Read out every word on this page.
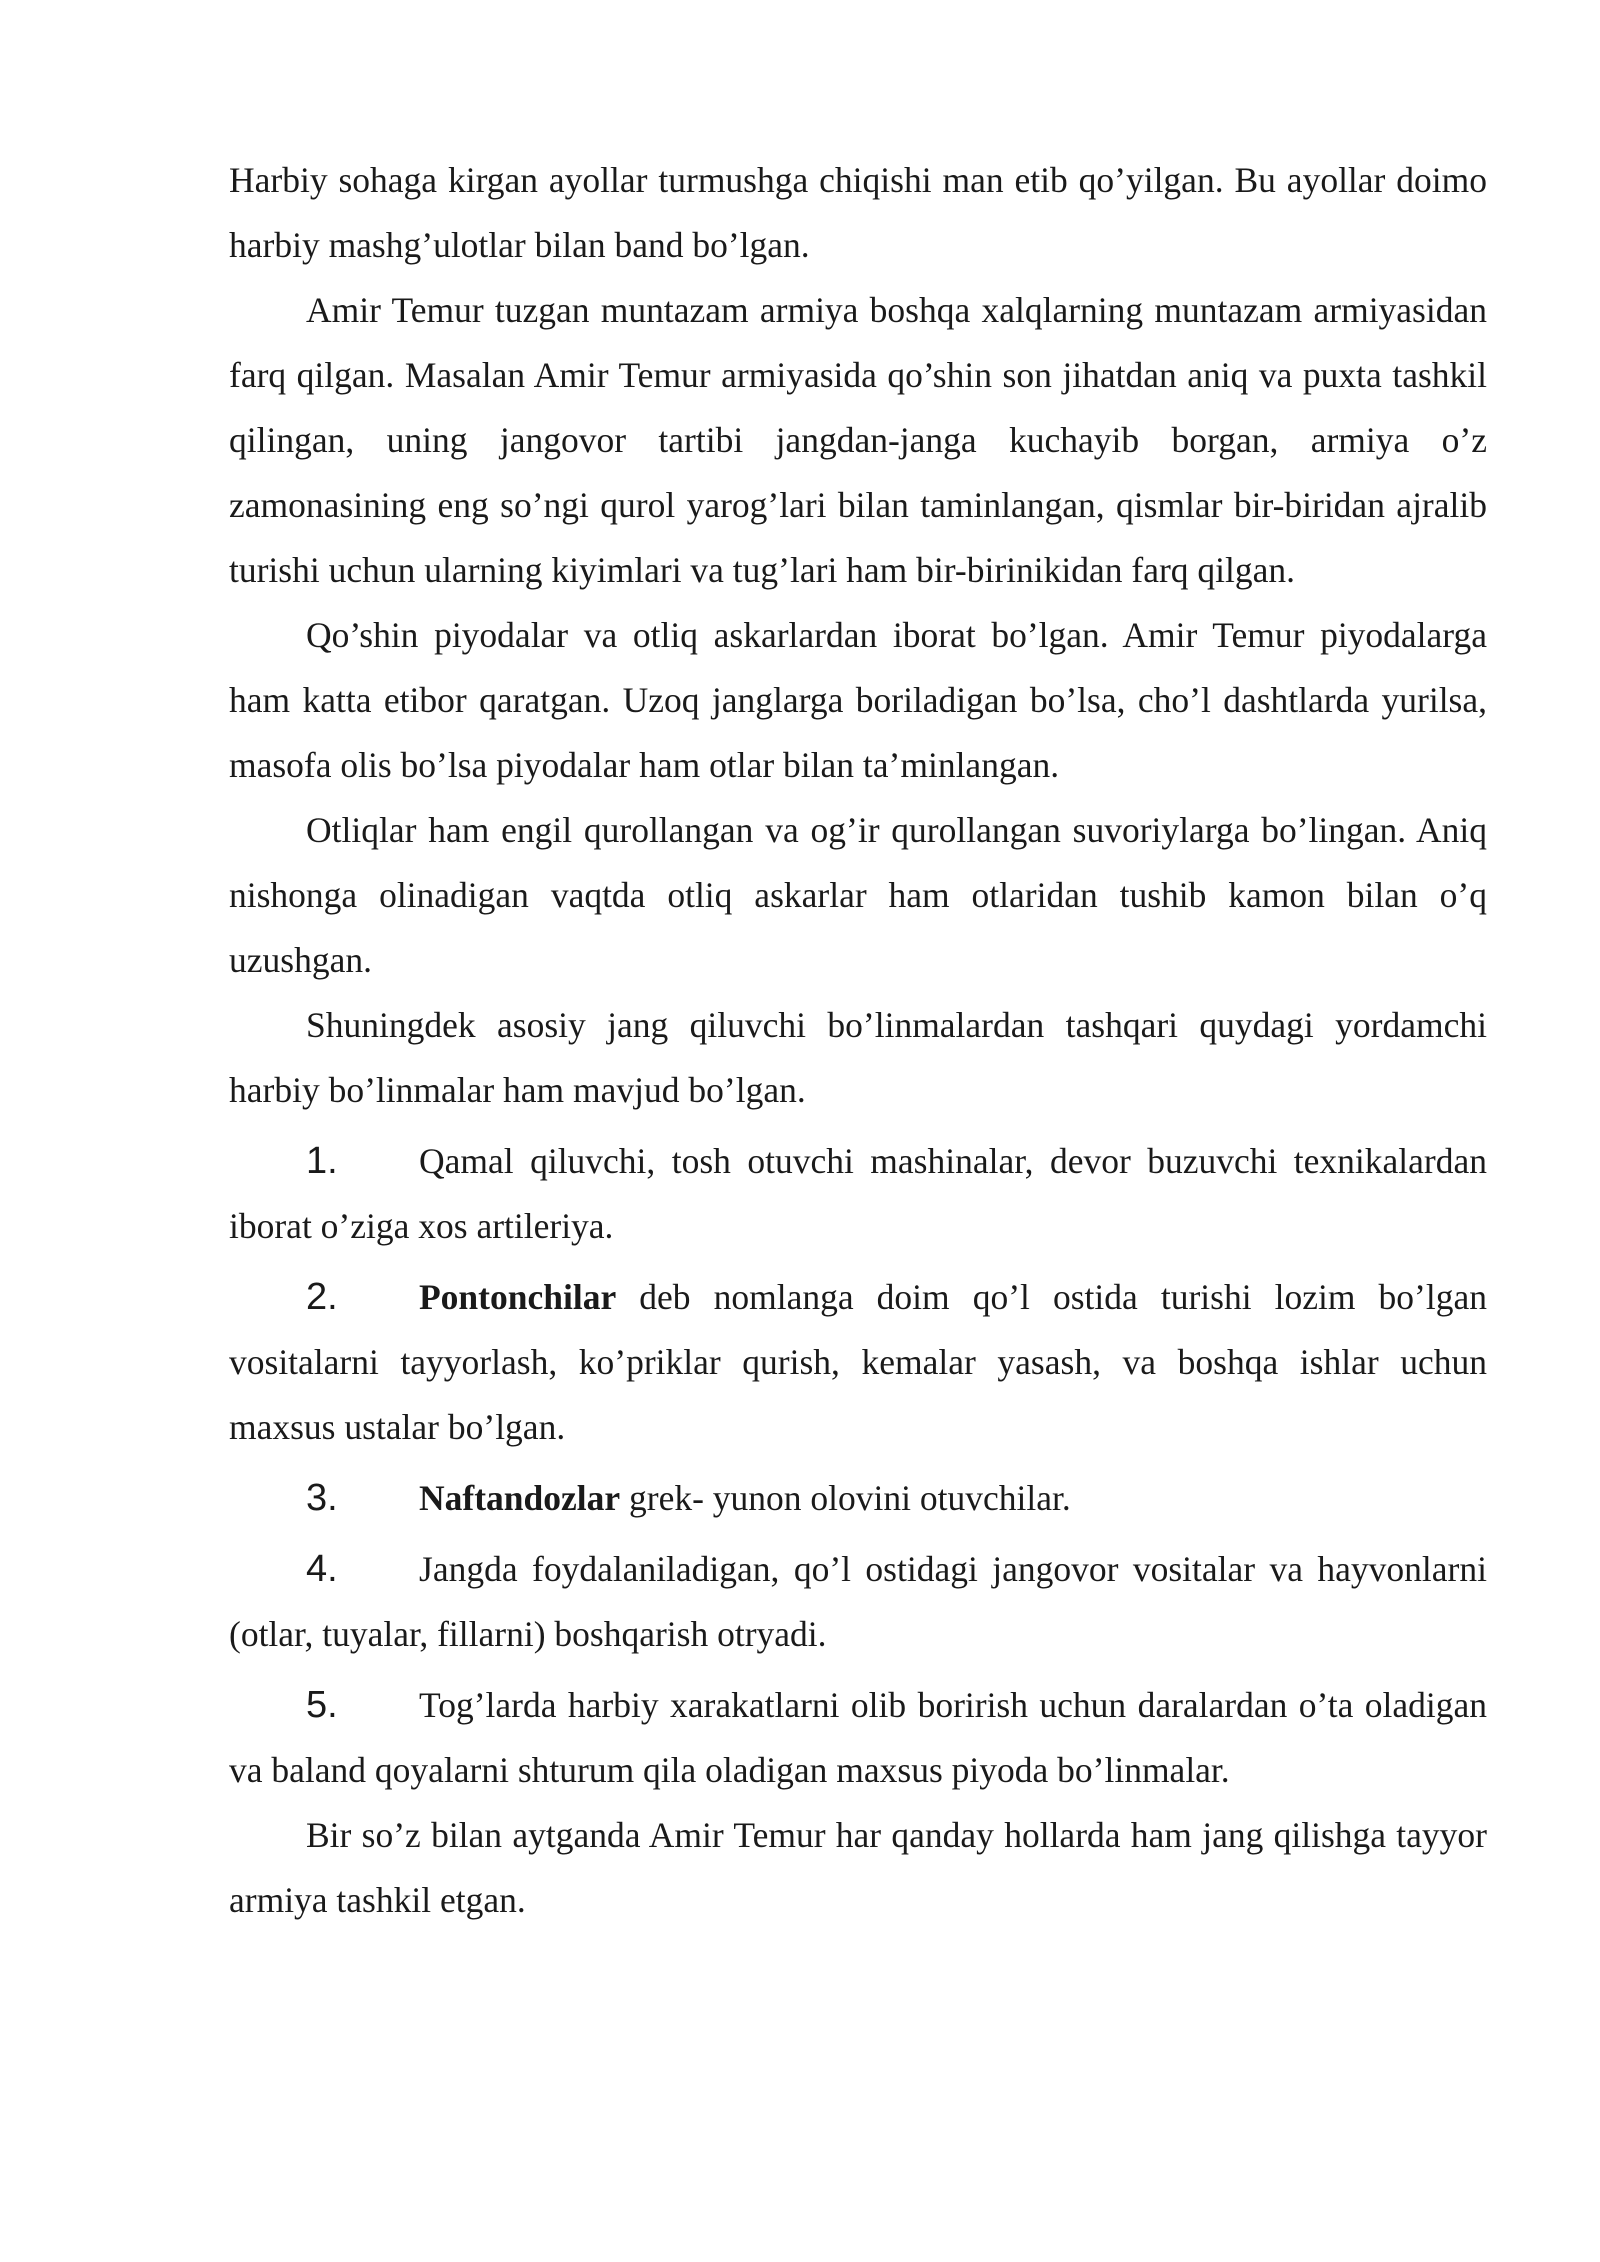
Harbiy sohaga kirgan ayollar turmushga chiqishi man etib qo’yilgan. Bu ayollar doimo harbiy mashg’ulotlar bilan band bo’lgan.

Amir Temur tuzgan muntazam armiya boshqa xalqlarning muntazam armiyasidan farq qilgan. Masalan Amir Temur armiyasida qo’shin son jihatdan aniq va puxta tashkil qilingan, uning jangovor tartibi jangdan-janga kuchayib borgan, armiya o’z zamonasining eng so’ngi qurol yarog’lari bilan taminlangan, qismlar bir-biridan ajralib turishi uchun ularning kiyimlari va tug’lari ham bir-birinikidan farq qilgan.

Qo’shin piyodalar va otliq askarlardan iborat bo’lgan. Amir Temur piyodalarga ham katta etibor qaratgan. Uzoq janglarga boriladigan bo’lsa, cho’l dashtlarda yurilsa, masofa olis bo’lsa piyodalar ham otlar bilan ta’minlangan.

Otliqlar ham engil qurollangan va og’ir qurollangan suvoriylarga bo’lingan. Aniq nishonga olinadigan vaqtda otliq askarlar ham otlaridan tushib kamon bilan o’q uzushgan.

Shuningdek asosiy jang qiluvchi bo’linmalardan tashqari quydagi yordamchi harbiy bo’linmalar ham mavjud bo’lgan.

1. Qamal qiluvchi, tosh otuvchi mashinalar, devor buzuvchi texnikalardan iborat o’ziga xos artileriya.

2. Pontonchilar deb nomlanga doim qo’l ostida turishi lozim bo’lgan vositalarni tayyorlash, ko’priklar qurish, kemalar yasash, va boshqa ishlar uchun maxsus ustalar bo’lgan.

3. Naftandozlar grek- yunon olovini otuvchilar.

4. Jangda foydalaniladigan, qo’l ostidagi jangovor vositalar va hayvonlarni (otlar, tuyalar, fillarni) boshqarish otryadi.

5. Tog’larda harbiy xarakatlarni olib borirish uchun daralardan o’ta oladigan va baland qoyalarni shturum qila oladigan maxsus piyoda bo’linmalar.

Bir so’z bilan aytganda Amir Temur har qanday hollarda ham jang qilishga tayyor armiya tashkil etgan.
